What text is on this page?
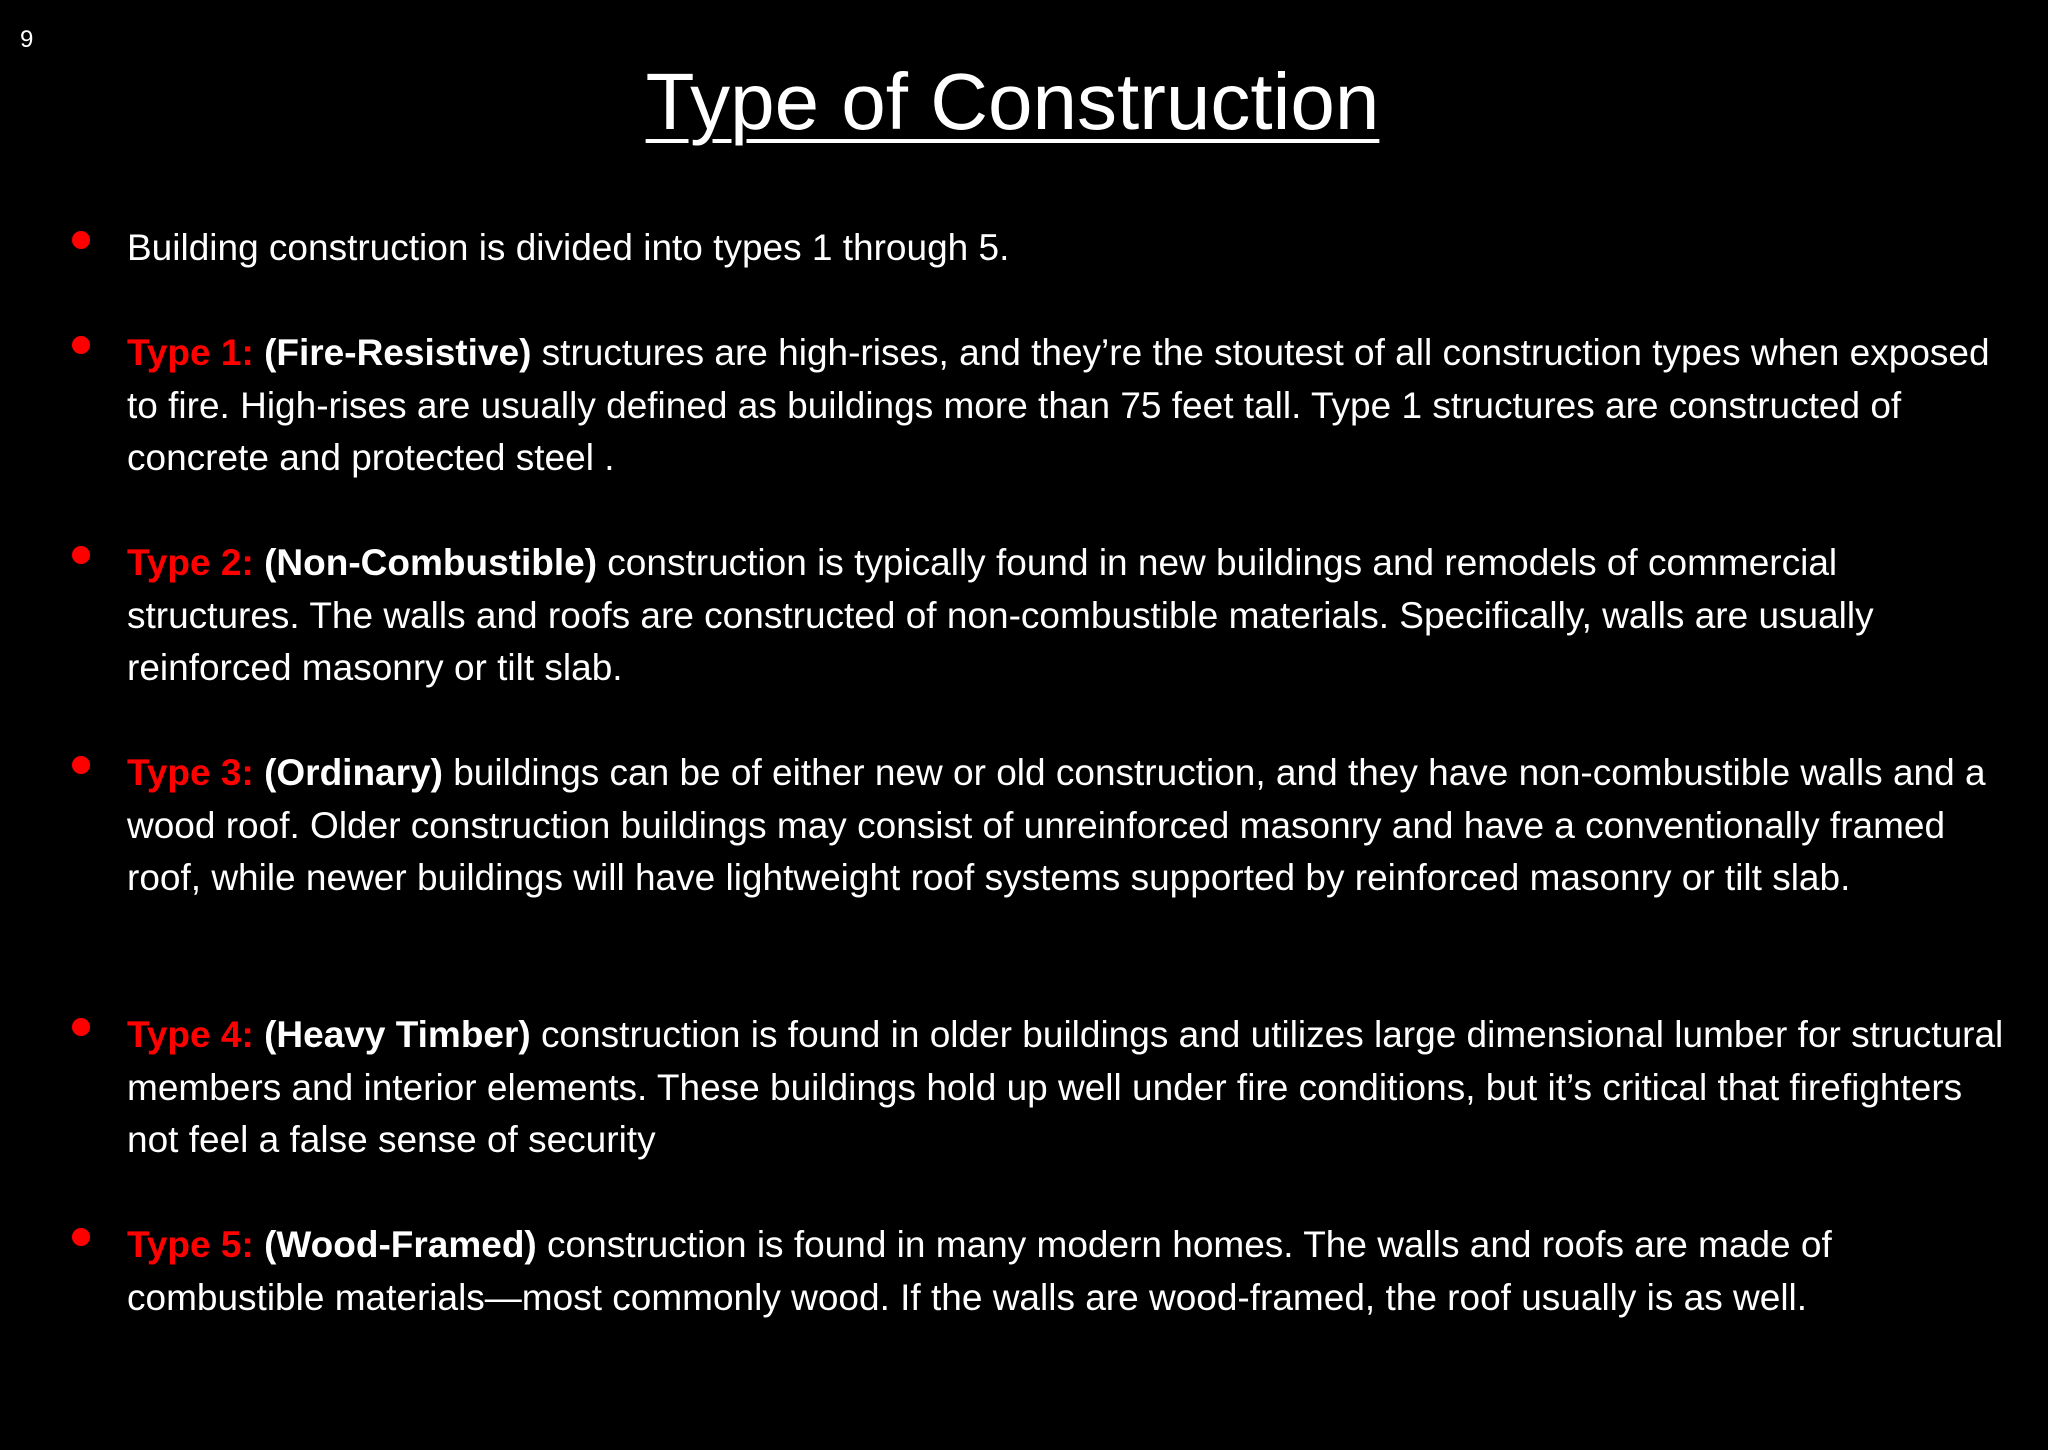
9
Type of Construction
Building construction is divided into types 1 through 5.
Type 1: (Fire-Resistive) structures are high-rises, and they’re the stoutest of all construction types when exposed to fire. High-rises are usually defined as buildings more than 75 feet tall. Type 1 structures are constructed of concrete and protected steel .
Type 2: (Non-Combustible) construction is typically found in new buildings and remodels of commercial structures. The walls and roofs are constructed of non-combustible materials. Specifically, walls are usually reinforced masonry or tilt slab.
Type 3: (Ordinary) buildings can be of either new or old construction, and they have non-combustible walls and a wood roof. Older construction buildings may consist of unreinforced masonry and have a conventionally framed roof, while newer buildings will have lightweight roof systems supported by reinforced masonry or tilt slab.
Type 4: (Heavy Timber) construction is found in older buildings and utilizes large dimensional lumber for structural members and interior elements. These buildings hold up well under fire conditions, but it’s critical that firefighters not feel a false sense of security
Type 5: (Wood-Framed) construction is found in many modern homes. The walls and roofs are made of combustible materials—most commonly wood. If the walls are wood-framed, the roof usually is as well.
